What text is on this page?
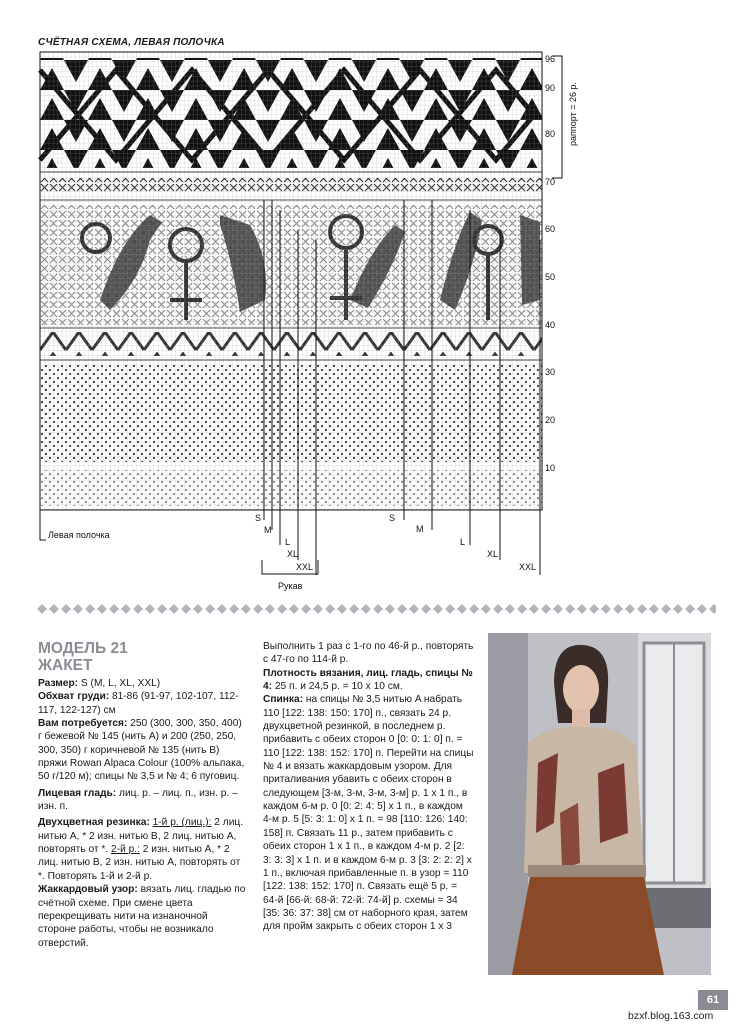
СЧЁТНАЯ СХЕМА, ЛЕВАЯ ПОЛОЧКА
96
90
80
70
60
50
40
30
20
10
раппорт = 26 р.
Левая полочка
S
M
L
XL
XXL
S
M
L
XL
XXL
Рукав
МОДЕЛЬ 21
ЖАКЕТ

Размер: S (M, L, XL, XXL)

Обхват груди: 81-86 (91-97, 102-107, 112-117, 122-127) см

Вам потребуется: 250 (300, 300, 350, 400) г бежевой № 145 (нить A) и 200 (250, 250, 300, 350) г коричневой № 135 (нить B) пряжи Rowan Alpaca Colour (100% альпака, 50 г/120 м); спицы № 3,5 и № 4; 6 пуговиц.

Лицевая гладь: лиц. р. – лиц. п., изн. р. – изн. п.

Двухцветная резинка: 1-й р. (лиц.): 2 лиц. нитью A, * 2 изн. нитью B, 2 лиц. нитью A, повторять от *. 2-й р.: 2 изн. нитью A, * 2 лиц. нитью B, 2 изн. нитью A, повторять от *. Повторять 1-й и 2-й р.

Жаккардовый узор: вязать лиц. гладью по счётной схеме. При смене цвета перекрещивать нити на изнаночной стороне работы, чтобы не возникало отверстий.

Выполнить 1 раз с 1-го по 46-й р., повторять с 47-го по 114-й р.

Плотность вязания, лиц. гладь, спицы № 4: 25 п. и 24,5 р. = 10 х 10 см.

Спинка: на спицы № 3,5 нитью A набрать 110 [122: 138: 150: 170] п., связать 24 р. двухцветной резинкой, в последнем р. прибавить с обеих сторон 0 [0: 0: 1: 0] п. = 110 [122: 138: 152: 170] п. Перейти на спицы № 4 и вязать жаккардовым узором. Для приталивания убавить с обеих сторон в следующем [3-м, 3-м, 3-м, 3-м] р. 1 х 1 п., в каждом 6-м р. 0 [0: 2: 4: 5] х 1 п., в каждом 4-м р. 5 [5: 3: 1: 0] х 1 п. = 98 [110: 126: 140: 158] п. Связать 11 р., затем прибавить с обеих сторон 1 х 1 п., в каждом 4-м р. 2 [2: 3: 3: 3] х 1 п. и в каждом 6-м р. 3 [3: 2: 2: 2] х 1 п., включая прибавленные п. в узор = 110 [122: 138: 152: 170] п. Связать ещё 5 р. = 64-й [66-й: 68-й: 72-й: 74-й] р. схемы = 34 [35: 36: 37: 38] см от наборного края, затем для пройм закрыть с обеих сторон 1 х 3

61
bzxf.blog.163.com
